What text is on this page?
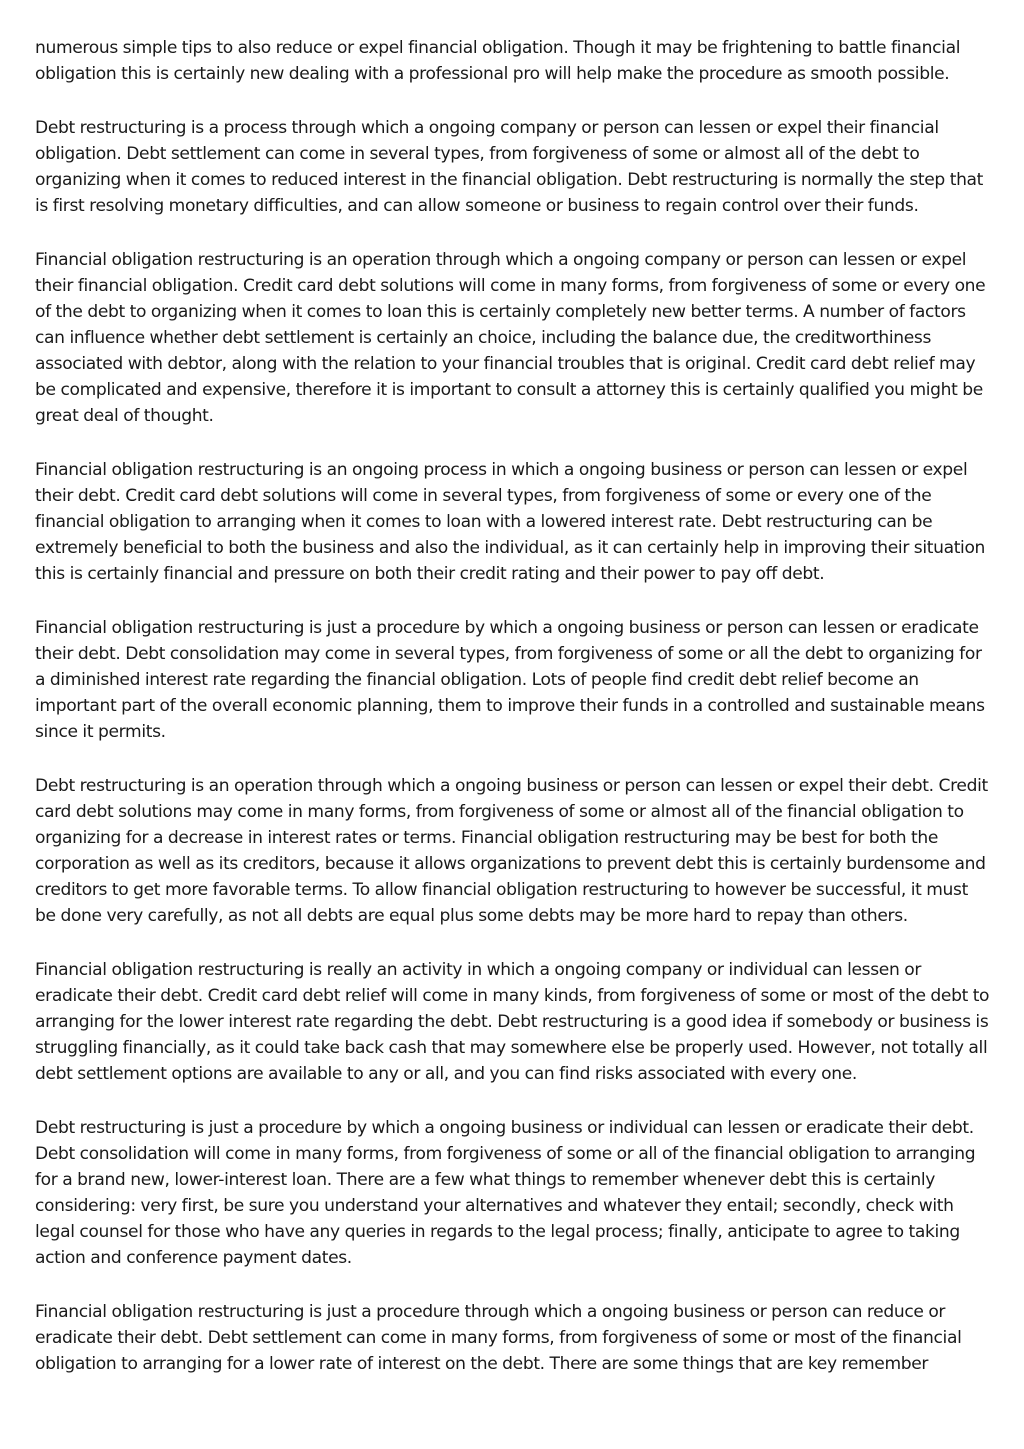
numerous simple tips to also reduce or expel financial obligation. Though it may be frightening to battle financial obligation this is certainly new dealing with a professional pro will help make the procedure as smooth possible.

Debt restructuring is a process through which a ongoing company or person can lessen or expel their financial obligation. Debt settlement can come in several types, from forgiveness of some or almost all of the debt to organizing when it comes to reduced interest in the financial obligation. Debt restructuring is normally the step that is first resolving monetary difficulties, and can allow someone or business to regain control over their funds.

Financial obligation restructuring is an operation through which a ongoing company or person can lessen or expel their financial obligation. Credit card debt solutions will come in many forms, from forgiveness of some or every one of the debt to organizing when it comes to loan this is certainly completely new better terms. A number of factors can influence whether debt settlement is certainly an choice, including the balance due, the creditworthiness associated with debtor, along with the relation to your financial troubles that is original. Credit card debt relief may be complicated and expensive, therefore it is important to consult a attorney this is certainly qualified you might be great deal of thought.

Financial obligation restructuring is an ongoing process in which a ongoing business or person can lessen or expel their debt. Credit card debt solutions will come in several types, from forgiveness of some or every one of the financial obligation to arranging when it comes to loan with a lowered interest rate. Debt restructuring can be extremely beneficial to both the business and also the individual, as it can certainly help in improving their situation this is certainly financial and pressure on both their credit rating and their power to pay off debt.

Financial obligation restructuring is just a procedure by which a ongoing business or person can lessen or eradicate their debt. Debt consolidation may come in several types, from forgiveness of some or all the debt to organizing for a diminished interest rate regarding the financial obligation. Lots of people find credit debt relief become an important part of the overall economic planning, them to improve their funds in a controlled and sustainable means since it permits.

Debt restructuring is an operation through which a ongoing business or person can lessen or expel their debt. Credit card debt solutions may come in many forms, from forgiveness of some or almost all of the financial obligation to organizing for a decrease in interest rates or terms. Financial obligation restructuring may be best for both the corporation as well as its creditors, because it allows organizations to prevent debt this is certainly burdensome and creditors to get more favorable terms. To allow financial obligation restructuring to however be successful, it must be done very carefully, as not all debts are equal plus some debts may be more hard to repay than others.

Financial obligation restructuring is really an activity in which a ongoing company or individual can lessen or eradicate their debt. Credit card debt relief will come in many kinds, from forgiveness of some or most of the debt to arranging for the lower interest rate regarding the debt. Debt restructuring is a good idea if somebody or business is struggling financially, as it could take back cash that may somewhere else be properly used. However, not totally all debt settlement options are available to any or all, and you can find risks associated with every one.

Debt restructuring is just a procedure by which a ongoing business or individual can lessen or eradicate their debt. Debt consolidation will come in many forms, from forgiveness of some or all of the financial obligation to arranging for a brand new, lower-interest loan. There are a few what things to remember whenever debt this is certainly considering: very first, be sure you understand your alternatives and whatever they entail; secondly, check with legal counsel for those who have any queries in regards to the legal process; finally, anticipate to agree to taking action and conference payment dates.

Financial obligation restructuring is just a procedure through which a ongoing business or person can reduce or eradicate their debt. Debt settlement can come in many forms, from forgiveness of some or most of the financial obligation to arranging for a lower rate of interest on the debt. There are some things that are key remember
